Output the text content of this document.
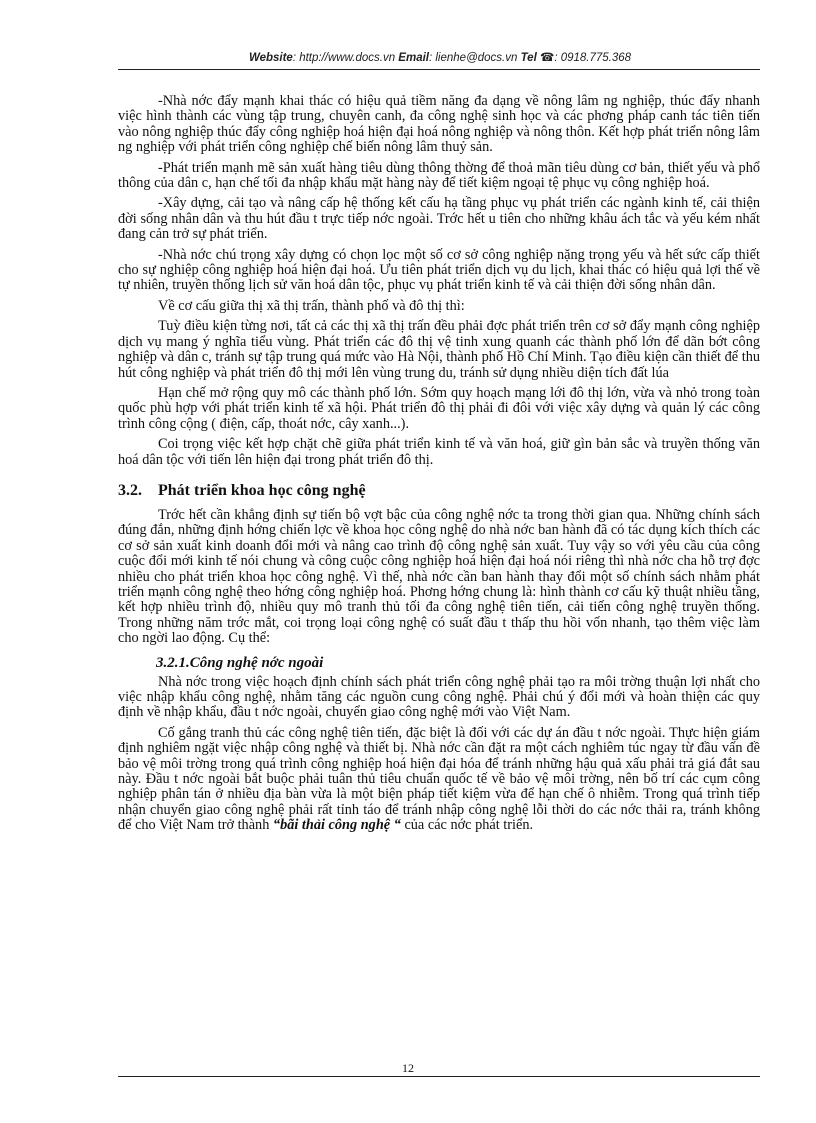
Website: http://www.docs.vn Email: lienhe@docs.vn Tel ☎: 0918.775.368

-Nhà nớc đẩy mạnh khai thác có hiệu quả tiềm năng đa dạng về nông lâm ng nghiệp, thúc đẩy nhanh việc hình thành các vùng tập trung, chuyên canh, đa công nghệ sinh học và các phơng pháp canh tác tiên tiến vào nông nghiệp thúc đẩy công nghiệp hoá hiện đại hoá nông nghiệp và nông thôn. Kết hợp phát triển nông lâm ng nghiệp với phát triển công nghiệp chế biến nông lâm thuỷ sản.

-Phát triển mạnh mẽ sản xuất hàng tiêu dùng thông thờng để thoả mãn tiêu dùng cơ bản, thiết yếu và phổ thông của dân c, hạn chế tối đa nhập khẩu mặt hàng này để tiết kiệm ngoại tệ phục vụ công nghiệp hoá.

-Xây dựng, cải tạo và nâng cấp hệ thống kết cấu hạ tầng phục vụ phát triển các ngành kinh tế, cải thiện đời sống nhân dân và thu hút đầu t trực tiếp nớc ngoài. Trớc hết u tiên cho những khâu ách tắc và yếu kém nhất đang cản trở sự phát triển.

-Nhà nớc chú trọng xây dựng có chọn lọc một số cơ sở công nghiệp nặng trọng yếu và hết sức cấp thiết cho sự nghiệp công nghiệp hoá hiện đại hoá. Ưu tiên phát triển dịch vụ du lịch, khai thác có hiệu quả lợi thế về tự nhiên, truyền thống lịch sử văn hoá dân tộc, phục vụ phát triển kinh tế và cải thiện đời sống nhân dân.

Về cơ cấu giữa thị xã thị trấn, thành phố và đô thị thì:

Tuỳ điều kiện từng nơi, tất cả các thị xã thị trấn đều phải đợc phát triển trên cơ sở đẩy mạnh công nghiệp dịch vụ mang ý nghĩa tiểu vùng. Phát triển các đô thị vệ tinh xung quanh các thành phố lớn để dãn bớt công nghiệp và dân c, tránh sự tập trung quá mức vào Hà Nội, thành phố Hồ Chí Minh. Tạo điều kiện cần thiết để thu hút công nghiệp và phát triển đô thị mới lên vùng trung du, tránh sử dụng nhiều diện tích đất lúa

Hạn chế mở rộng quy mô các thành phố lớn. Sớm quy hoạch mạng lới đô thị lớn, vừa và nhỏ trong toàn quốc phù hợp với phát triển kinh tế xã hội. Phát triển đô thị phải đi đôi với việc xây dựng và quản lý các công trình công cộng ( điện, cấp, thoát nớc, cây xanh...).

Coi trọng việc kết hợp chặt chẽ giữa phát triển kinh tế và văn hoá, giữ gìn bản sắc và truyền thống văn hoá dân tộc với tiến lên hiện đại trong phát triển đô thị.

3.2. Phát triển khoa học công nghệ

Trớc hết cần khẳng định sự tiến bộ vợt bậc của công nghệ nớc ta trong thời gian qua. Những chính sách đúng đắn, những định hớng chiến lợc về khoa học công nghệ do nhà nớc ban hành đã có tác dụng kích thích các cơ sở sản xuất kinh doanh đổi mới và nâng cao trình độ công nghệ sản xuất. Tuy vậy so với yêu cầu của công cuộc đổi mới kinh tế nói chung và công cuộc công nghiệp hoá hiện đại hoá nói riêng thì nhà nớc cha hỗ trợ đợc nhiều cho phát triển khoa học công nghệ. Vì thế, nhà nớc cần ban hành thay đổi một số chính sách nhằm phát triển mạnh công nghệ theo hớng công nghiệp hoá. Phơng hớng chung là: hình thành cơ cấu kỹ thuật nhiều tầng, kết hợp nhiều trình độ, nhiều quy mô tranh thủ tối đa công nghệ tiên tiến, cải tiến công nghệ truyền thống. Trong những năm trớc mắt, coi trọng loại công nghệ có suất đầu t thấp thu hồi vốn nhanh, tạo thêm việc làm cho ngời lao động. Cụ thể:

3.2.1.Công nghệ nớc ngoài

Nhà nớc trong việc hoạch định chính sách phát triển công nghệ phải tạo ra môi trờng thuận lợi nhất cho việc nhập khẩu công nghệ, nhằm tăng các nguồn cung công nghệ. Phải chú ý đổi mới và hoàn thiện các quy định về nhập khẩu, đầu t nớc ngoài, chuyển giao công nghệ mới vào Việt Nam.

Cố gắng tranh thủ các công nghệ tiên tiến, đặc biệt là đối với các dự án đầu t nớc ngoài. Thực hiện giám định nghiêm ngặt việc nhập công nghệ và thiết bị. Nhà nớc cần đặt ra một cách nghiêm túc ngay từ đầu vấn đề bảo vệ môi trờng trong quá trình công nghiệp hoá hiện đại hóa để tránh những hậu quả xấu phải trả giá đắt sau này. Đầu t nớc ngoài bắt buộc phải tuân thủ tiêu chuẩn quốc tế về bảo vệ môi trờng, nên bố trí các cụm công nghiệp phân tán ở nhiều địa bàn vừa là một biện pháp tiết kiệm vừa để hạn chế ô nhiễm. Trong quá trình tiếp nhận chuyển giao công nghệ phải rất tỉnh táo để tránh nhập công nghệ lỗi thời do các nớc thải ra, tránh không để cho Việt Nam trở thành “bãi thải công nghệ “ của các nớc phát triển.

12
